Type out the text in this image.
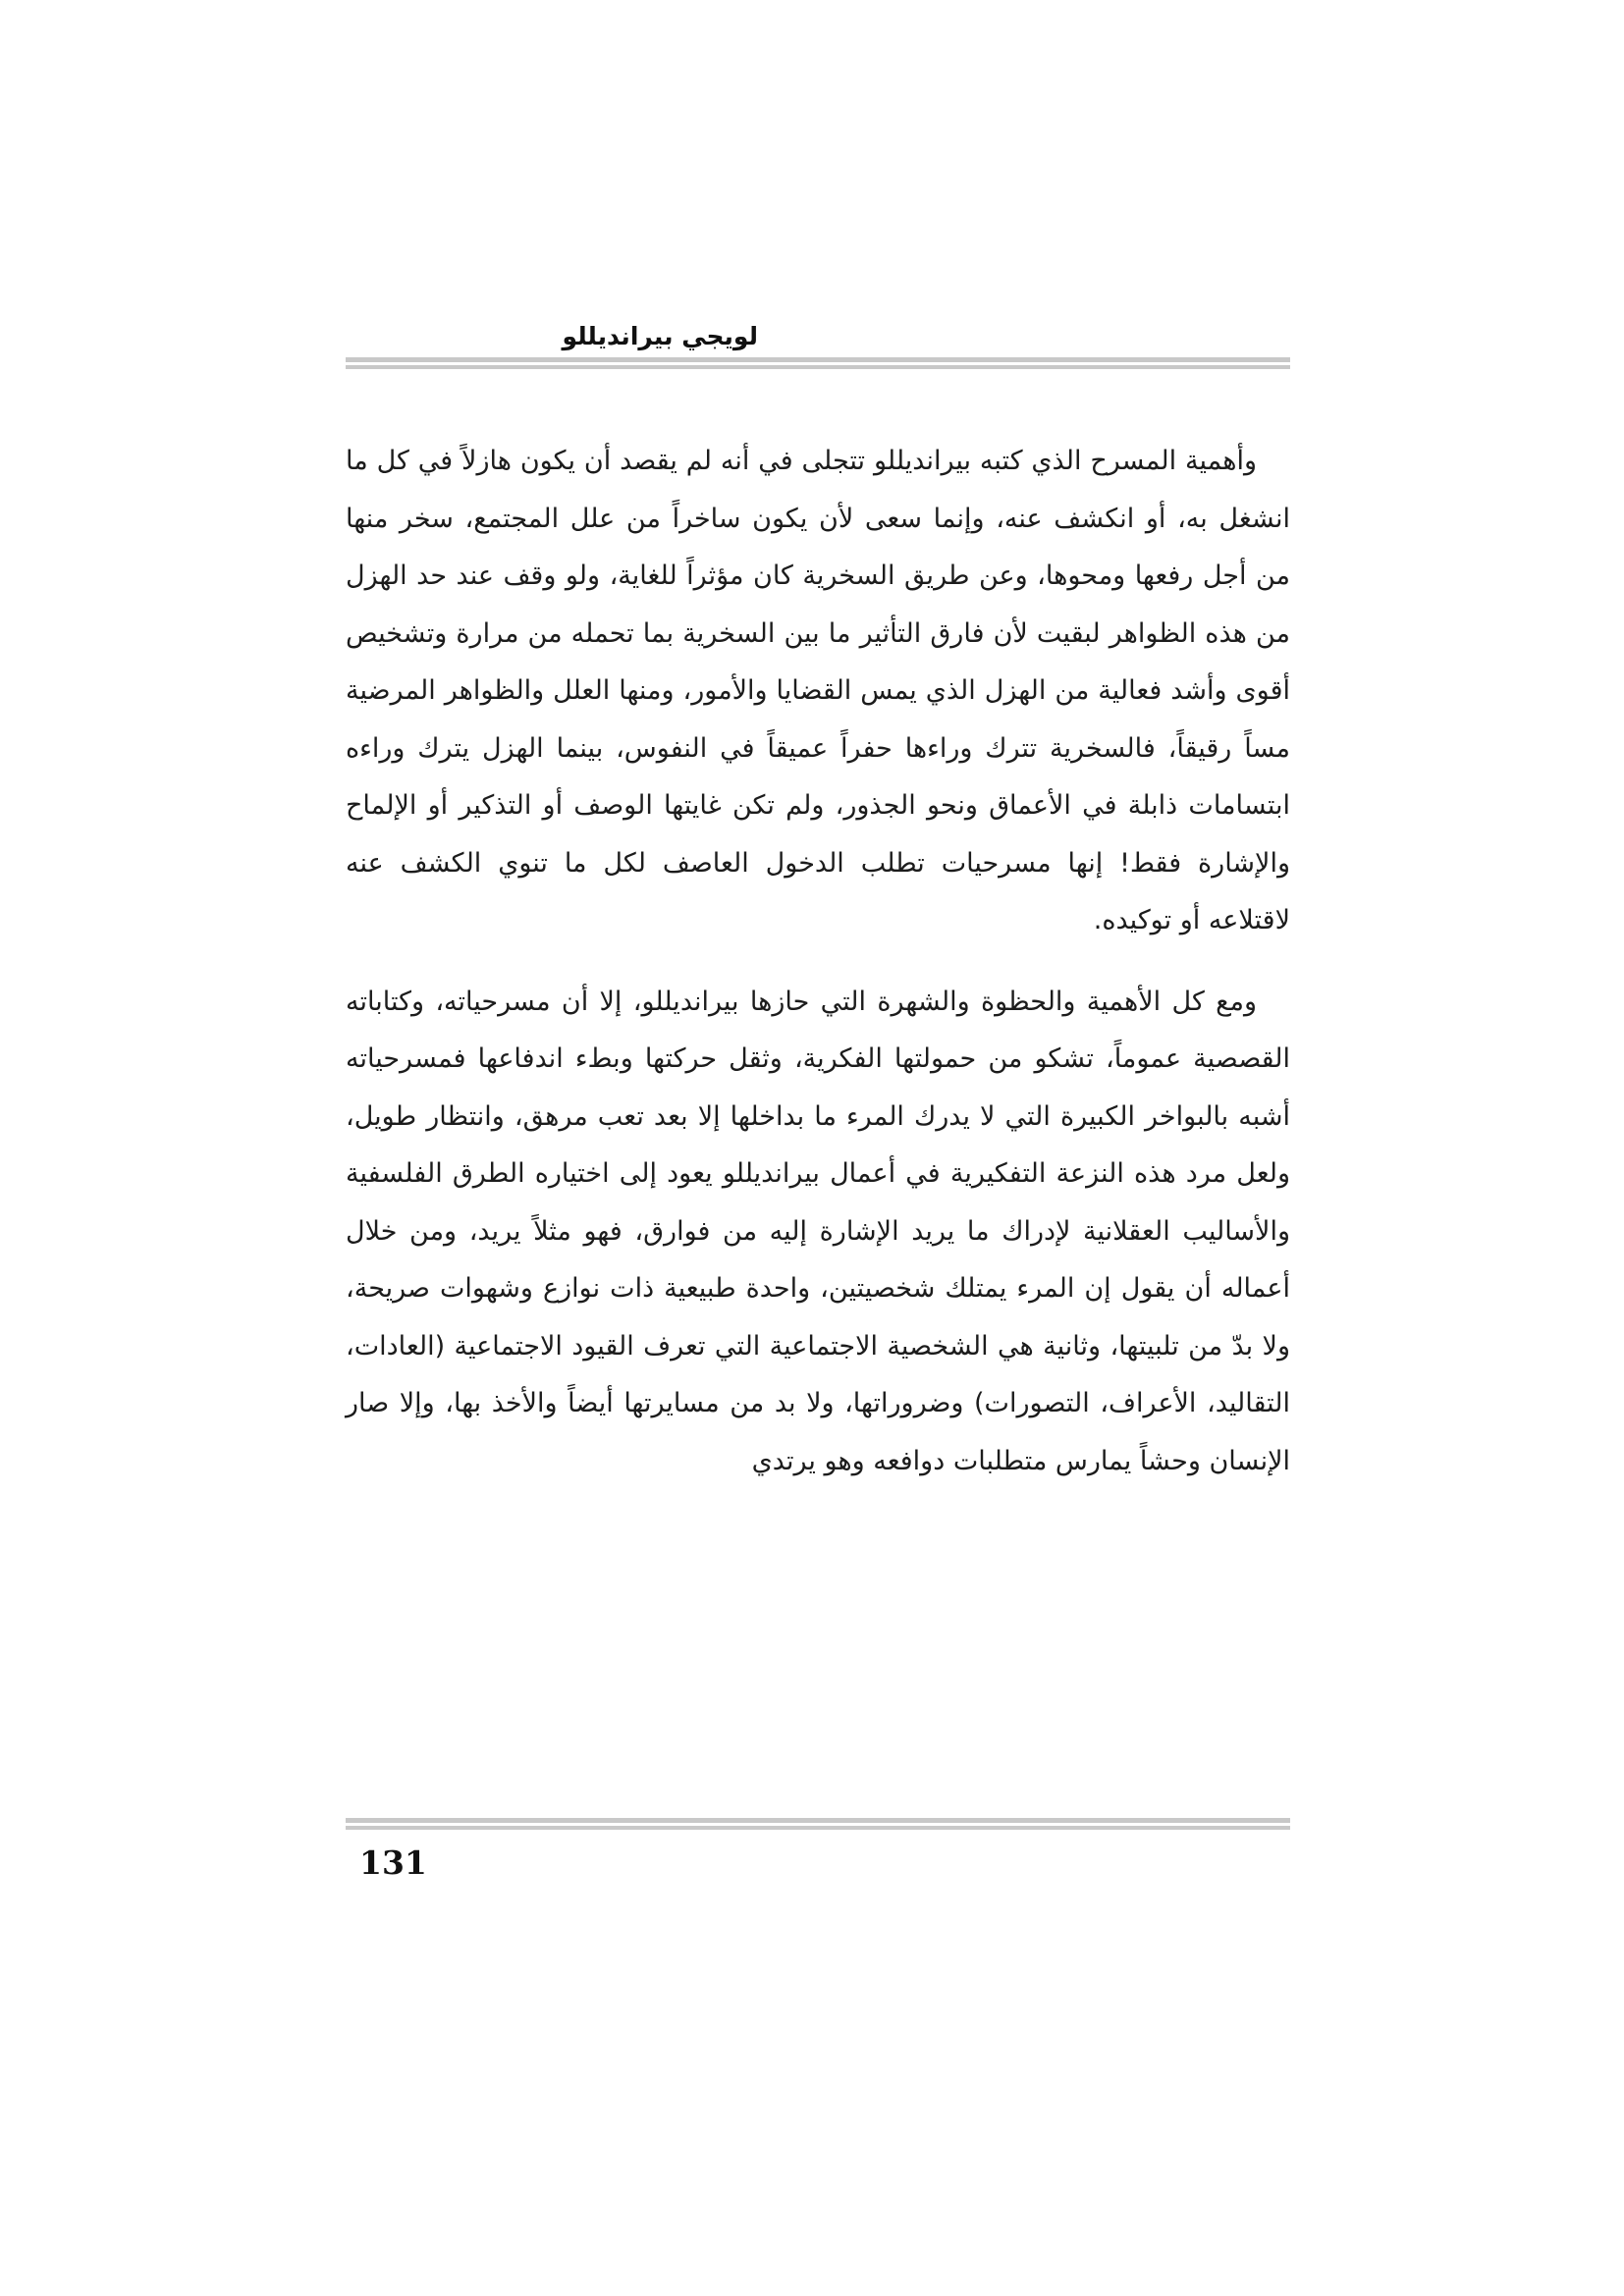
لويجي بيرانديللو

وأهمية المسرح الذي كتبه بيرانديللو تتجلى في أنه لم يقصد أن يكون هازلاً في كل ما انشغل به، أو انكشف عنه، وإنما سعى لأن يكون ساخراً من علل المجتمع، سخر منها من أجل رفعها ومحوها، وعن طريق السخرية كان مؤثراً للغاية، ولو وقف عند حد الهزل من هذه الظواهر لبقيت لأن فارق التأثير ما بين السخرية بما تحمله من مرارة وتشخيص أقوى وأشد فعالية من الهزل الذي يمس القضايا والأمور، ومنها العلل والظواهر المرضية مساً رقيقاً، فالسخرية تترك وراءها حفراً عميقاً في النفوس، بينما الهزل يترك وراءه ابتسامات ذابلة في الأعماق ونحو الجذور، ولم تكن غايتها الوصف أو التذكير أو الإلماح والإشارة فقط! إنها مسرحيات تطلب الدخول العاصف لكل ما تنوي الكشف عنه لاقتلاعه أو توكيده.

ومع كل الأهمية والحظوة والشهرة التي حازها بيرانديللو، إلا أن مسرحياته، وكتاباته القصصية عموماً، تشكو من حمولتها الفكرية، وثقل حركتها وبطء اندفاعها فمسرحياته أشبه بالبواخر الكبيرة التي لا يدرك المرء ما بداخلها إلا بعد تعب مرهق، وانتظار طويل، ولعل مرد هذه النزعة التفكيرية في أعمال بيرانديللو يعود إلى اختياره الطرق الفلسفية والأساليب العقلانية لإدراك ما يريد الإشارة إليه من فوارق، فهو مثلاً يريد، ومن خلال أعماله أن يقول إن المرء يمتلك شخصيتين، واحدة طبيعية ذات نوازع وشهوات صريحة، ولا بدّ من تلبيتها، وثانية هي الشخصية الاجتماعية التي تعرف القيود الاجتماعية (العادات، التقاليد، الأعراف، التصورات) وضروراتها، ولا بد من مسايرتها أيضاً والأخذ بها، وإلا صار الإنسان وحشاً يمارس متطلبات دوافعه وهو يرتدي

131
